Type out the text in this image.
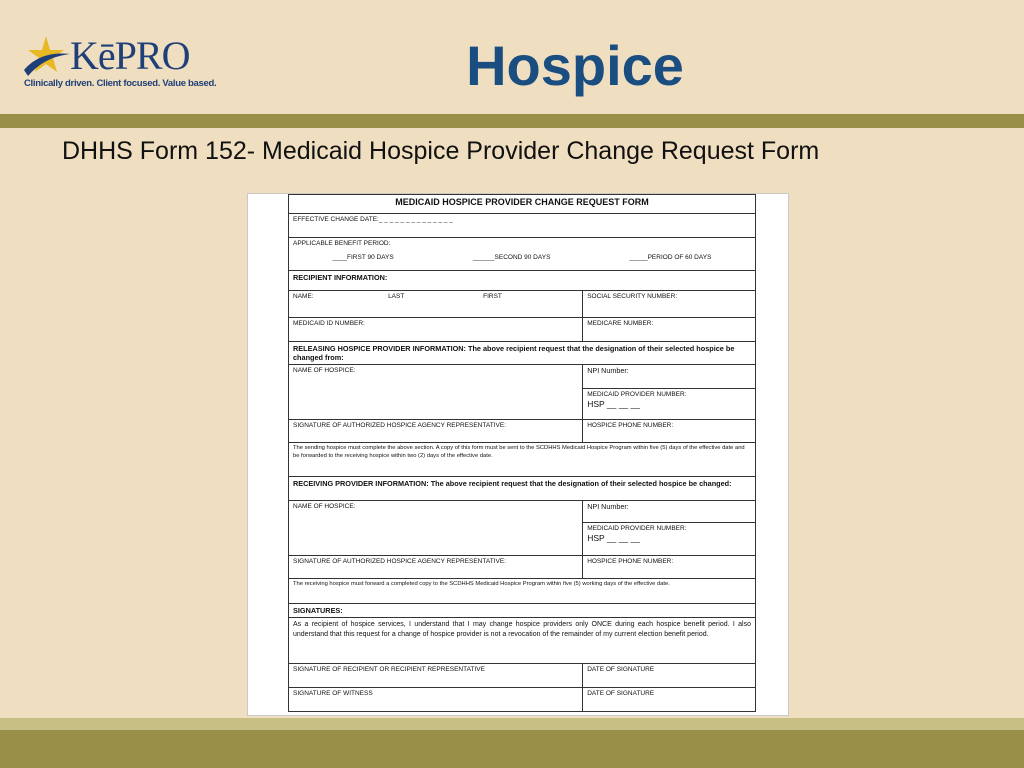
KēPRO
Clinically driven. Client focused. Value based.	Hospice
DHHS Form 152- Medicaid Hospice Provider Change Request Form
MEDICAID HOSPICE PROVIDER CHANGE REQUEST FORM	
EFFECTIVE CHANGE DATE:_ _ _ _ _ _ _ _ _ _ _ _ _ _	

APPLICABLE BENEFIT PERIOD:
____FIRST 90 DAYS ______SECOND 90 DAYS _____PERIOD OF 60 DAYS	

RECIPIENT INFORMATION:	

NAME: LAST FIRST	SOCIAL SECURITY NUMBER:
MEDICAID ID NUMBER:	MEDICARE NUMBER:
RELEASING HOSPICE PROVIDER INFORMATION: The above recipient request that the designation of their selected hospice be changed from:	
NAME OF HOSPICE:	NPI Number:
	MEDICAID PROVIDER NUMBER:
HSP __ __ __

SIGNATURE OF AUTHORIZED HOSPICE AGENCY REPRESENTATIVE:	HOSPICE PHONE NUMBER:
The sending hospice must complete the above section. A copy of this form must be sent to the SCDHHS Medicaid Hospice Program within five (5) days of the effective date and be forwarded to the receiving hospice within two (2) days of the effective date.	
RECEIVING PROVIDER INFORMATION: The above recipient request that the designation of their selected hospice be changed:	
NAME OF HOSPICE:	NPI Number:
	MEDICAID PROVIDER NUMBER:
HSP __ __ __

SIGNATURE OF AUTHORIZED HOSPICE AGENCY REPRESENTATIVE:	HOSPICE PHONE NUMBER:
The receiving hospice must forward a completed copy to the SCDHHS Medicaid Hospice Program within five (5) working days of the effective date.	
SIGNATURES:	
As a recipient of hospice services, I understand that I may change hospice providers only ONCE during each hospice benefit period. I also understand that this request for a change of hospice provider is not a revocation of the remainder of my current election benefit period.	
SIGNATURE OF RECIPIENT OR RECIPIENT REPRESENTATIVE	DATE OF SIGNATURE
SIGNATURE OF WITNESS	DATE OF SIGNATURE
